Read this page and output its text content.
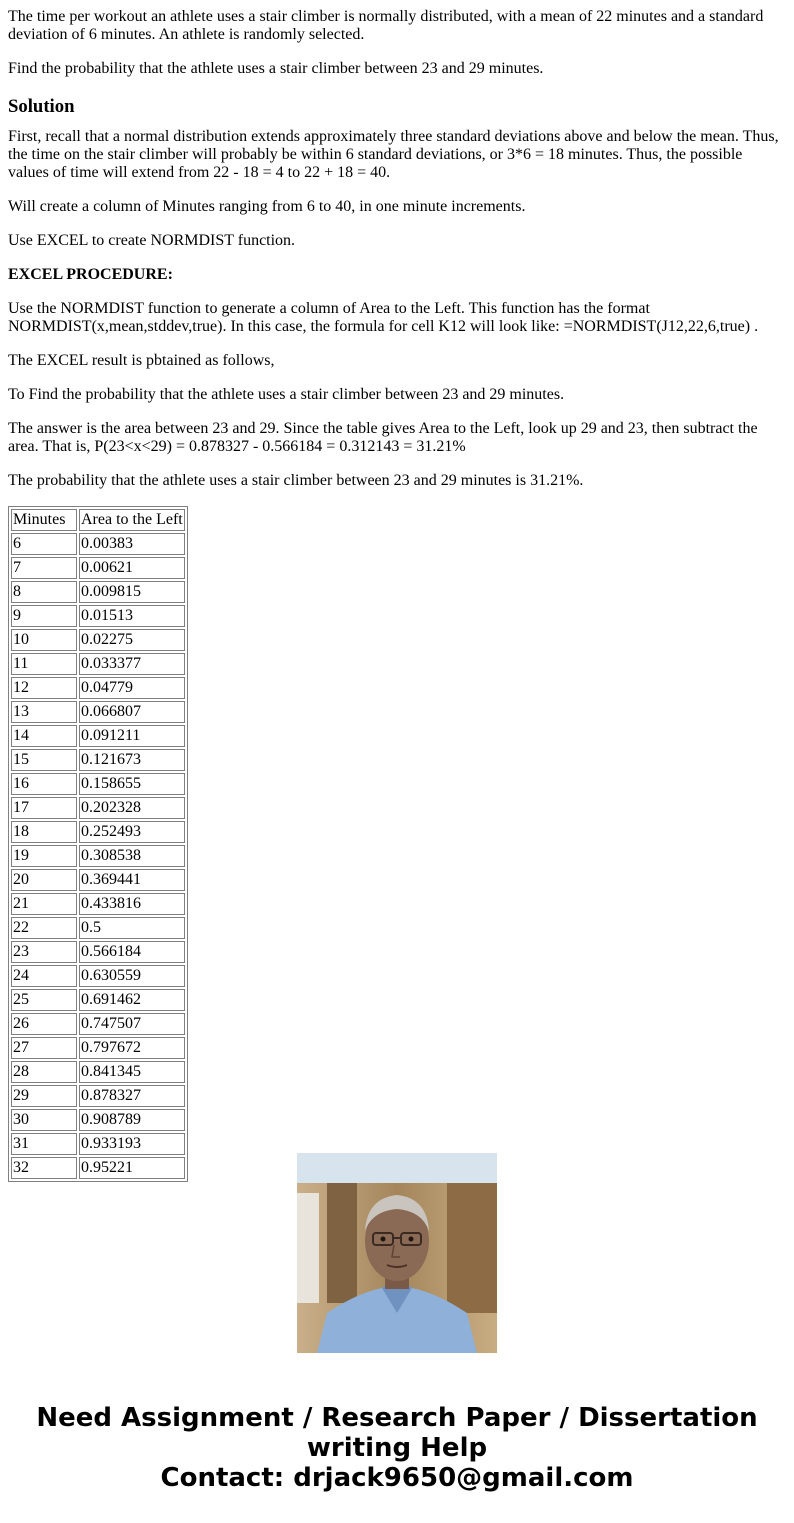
The time per workout an athlete uses a stair climber is normally distributed, with a mean of 22 minutes and a standard deviation of 6 minutes. An athlete is randomly selected.

Find the probability that the athlete uses a stair climber between 23 and 29 minutes.

Solution

First, recall that a normal distribution extends approximately three standard deviations above and below the mean. Thus, the time on the stair climber will probably be within 6 standard deviations, or 3*6 = 18 minutes. Thus, the possible values of time will extend from 22 - 18 = 4 to 22 + 18 = 40.

Will create a column of Minutes ranging from 6 to 40, in one minute increments.

Use EXCEL to create NORMDIST function.

EXCEL PROCEDURE:

Use the NORMDIST function to generate a column of Area to the Left. This function has the format NORMDIST(x,mean,stddev,true). In this case, the formula for cell K12 will look like: =NORMDIST(J12,22,6,true) .

The EXCEL result is pbtained as follows,

To Find the probability that the athlete uses a stair climber between 23 and 29 minutes.

The answer is the area between 23 and 29. Since the table gives Area to the Left, look up 29 and 23, then subtract the area. That is, P(23<x<29) = 0.878327 - 0.566184 = 0.312143 = 31.21%

The probability that the athlete uses a stair climber between 23 and 29 minutes is 31.21%.

Minutes	Area to the Left
6	0.00383
7	0.00621
8	0.009815
9	0.01513
10	0.02275
11	0.033377
12	0.04779
13	0.066807
14	0.091211
15	0.121673
16	0.158655
17	0.202328
18	0.252493
19	0.308538
20	0.369441
21	0.433816
22	0.5
23	0.566184
24	0.630559
25	0.691462
26	0.747507
27	0.797672
28	0.841345
29	0.878327
30	0.908789
31	0.933193
32	0.95221
Need Assignment / Research Paper / Dissertation
writing Help
Contact: drjack9650@gmail.com
